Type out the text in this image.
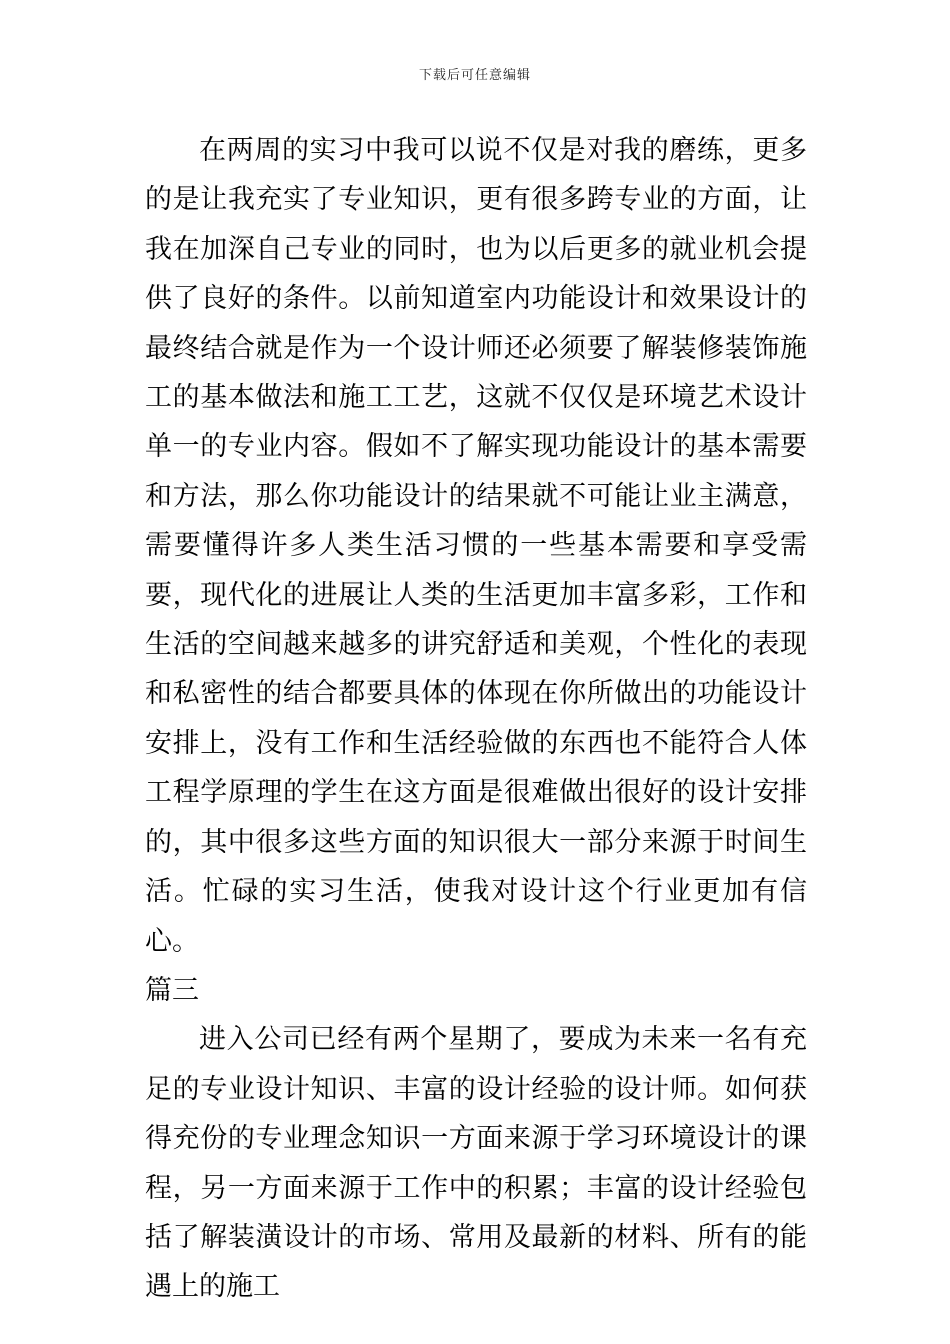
下载后可任意编辑

在两周的实习中我可以说不仅是对我的磨练，更多的是让我充实了专业知识，更有很多跨专业的方面，让我在加深自己专业的同时，也为以后更多的就业机会提供了良好的条件。以前知道室内功能设计和效果设计的最终结合就是作为一个设计师还必须要了解装修装饰施工的基本做法和施工工艺，这就不仅仅是环境艺术设计单一的专业内容。假如不了解实现功能设计的基本需要和方法，那么你功能设计的结果就不可能让业主满意，需要懂得许多人类生活习惯的一些基本需要和享受需要，现代化的进展让人类的生活更加丰富多彩，工作和生活的空间越来越多的讲究舒适和美观，个性化的表现和私密性的结合都要具体的体现在你所做出的功能设计安排上，没有工作和生活经验做的东西也不能符合人体工程学原理的学生在这方面是很难做出很好的设计安排的，其中很多这些方面的知识很大一部分来源于时间生活。忙碌的实习生活，使我对设计这个行业更加有信心。

篇三

进入公司已经有两个星期了，要成为未来一名有充足的专业设计知识、丰富的设计经验的设计师。如何获得充份的专业理念知识一方面来源于学习环境设计的课程，另一方面来源于工作中的积累；丰富的设计经验包括了解装潢设计的市场、常用及最新的材料、所有的能遇上的施工
